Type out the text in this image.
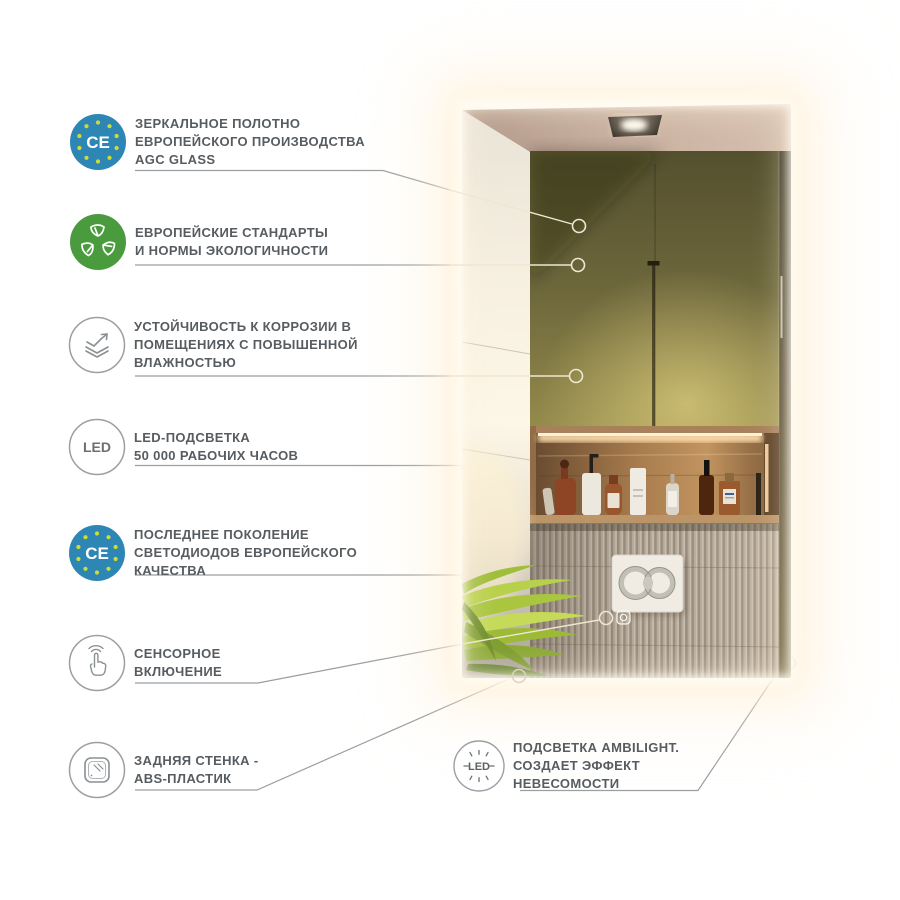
CE
ЗЕРКАЛЬНОЕ ПОЛОТНО
ЕВРОПЕЙСКОГО ПРОИЗВОДСТВА
AGC GLASS
ЕВРОПЕЙСКИЕ СТАНДАРТЫ
И НОРМЫ ЭКОЛОГИЧНОСТИ
УСТОЙЧИВОСТЬ К КОРРОЗИИ В
ПОМЕЩЕНИЯХ С ПОВЫШЕННОЙ
ВЛАЖНОСТЬЮ
LED
LED-ПОДСВЕТКА
50 000 РАБОЧИХ ЧАСОВ
CE
ПОСЛЕДНЕЕ ПОКОЛЕНИЕ
СВЕТОДИОДОВ ЕВРОПЕЙСКОГО
КАЧЕСТВА
СЕНСОРНОЕ
ВКЛЮЧЕНИЕ
ЗАДНЯЯ СТЕНКА -
ABS-ПЛАСТИК
LED
ПОДСВЕТКА AMBILIGHT.
СОЗДАЕТ ЭФФЕКТ
НЕВЕСОМОСТИ
